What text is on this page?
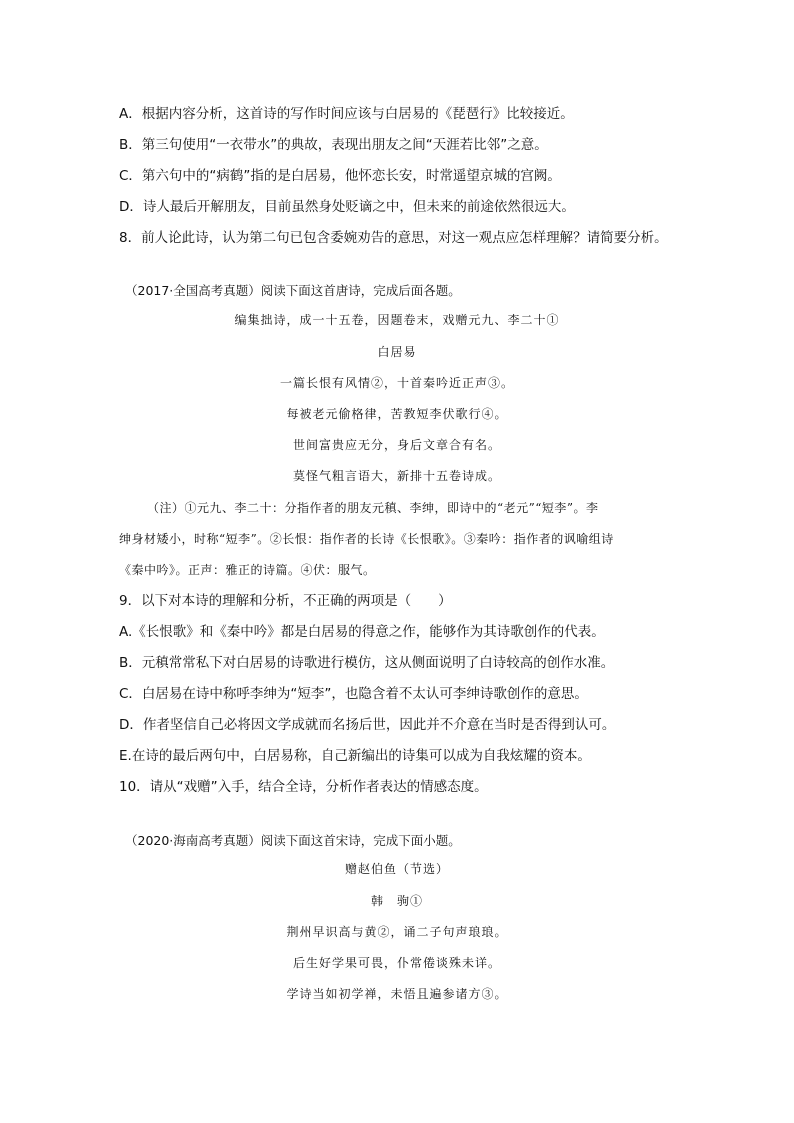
A．根据内容分析，这首诗的写作时间应该与白居易的《琵琶行》比较接近。
B．第三句使用“一衣带水”的典故，表现出朋友之间“天涯若比邻”之意。
C．第六句中的“病鹤”指的是白居易，他怀恋长安，时常遥望京城的宫阙。
D．诗人最后开解朋友，目前虽然身处贬谪之中，但未来的前途依然很远大。
8．前人论此诗，认为第二句已包含委婉劝告的意思，对这一观点应怎样理解？请简要分析。
（2017·全国高考真题）阅读下面这首唐诗，完成后面各题。
编集拙诗，成一十五卷，因题卷末，戏赠元九、李二十①
白居易
一篇长恨有风情②，十首秦吟近正声③。
每被老元偷格律，苦教短李伏歌行④。
世间富贵应无分，身后文章合有名。
莫怪气粗言语大，新排十五卷诗成。
（注）①元九、李二十：分指作者的朋友元稹、李绅，即诗中的“老元”“短李”。李
绅身材矮小，时称“短李”。②长恨：指作者的长诗《长恨歌》。③秦吟：指作者的讽喻组诗
《秦中吟》。正声：雅正的诗篇。④伏：服气。
9．以下对本诗的理解和分析，不正确的两项是（　　）
A.《长恨歌》和《秦中吟》都是白居易的得意之作，能够作为其诗歌创作的代表。
B．元稹常常私下对白居易的诗歌进行模仿，这从侧面说明了白诗较高的创作水准。
C．白居易在诗中称呼李绅为“短李”，也隐含着不太认可李绅诗歌创作的意思。
D．作者坚信自己必将因文学成就而名扬后世，因此并不介意在当时是否得到认可。
E.在诗的最后两句中，白居易称，自己新编出的诗集可以成为自我炫耀的资本。
10．请从“戏赠”入手，结合全诗，分析作者表达的情感态度。
（2020·海南高考真题）阅读下面这首宋诗，完成下面小题。
赠赵伯鱼（节选）
韩　驹①
荆州早识高与黄②，诵二子句声琅琅。
后生好学果可畏，仆常倦谈殊未详。
学诗当如初学禅，未悟且遍参诸方③。
